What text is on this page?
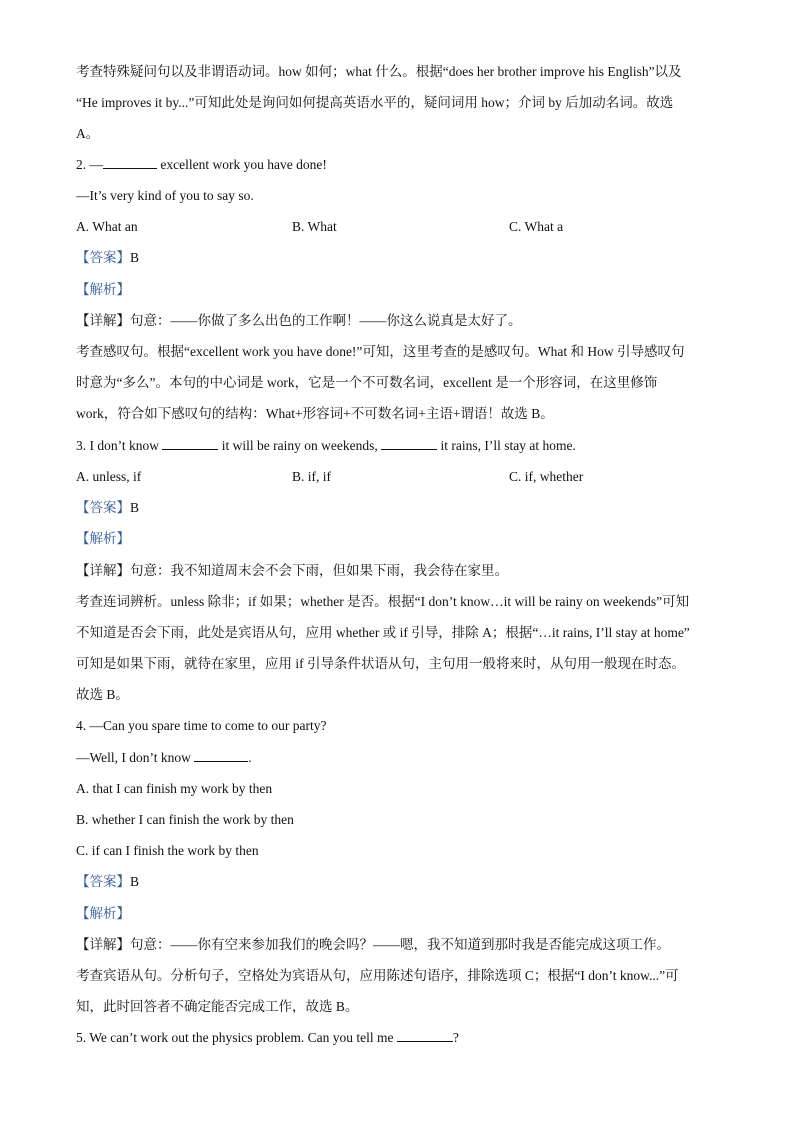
考查特殊疑问句以及非谓语动词。how 如何；what 什么。根据“does her brother improve his English”以及
“He improves it by...”可知此处是询问如何提高英语水平的，疑问词用 how；介词 by 后加动名词。故选
A。
2. —	excellent work you have done!
—It’s very kind of you to say so.
A. What an	B. What	C. What a
【答案】B
【解析】
【详解】句意：——你做了多么出色的工作啊！——你这么说真是太好了。
考查感叹句。根据“excellent work you have done!”可知，这里考查的是感叹句。What 和 How 引导感叹句
时意为“多么”。本句的中心词是 work，它是一个不可数名词，excellent 是一个形容词，在这里修饰
work，符合如下感叹句的结构：What+形容词+不可数名词+主语+谓语！故选 B。
3. I don’t know	it will be rainy on weekends,	it rains, I’ll stay at home.
A. unless, if	B. if, if	C. if, whether
【答案】B
【解析】
【详解】句意：我不知道周末会不会下雨，但如果下雨，我会待在家里。
考查连词辨析。unless 除非；if 如果；whether 是否。根据“I don’t know…it will be rainy on weekends”可知
不知道是否会下雨，此处是宾语从句，应用 whether 或 if 引导，排除 A；根据“…it rains, I’ll stay at home”
可知是如果下雨，就待在家里，应用 if 引导条件状语从句，主句用一般将来时，从句用一般现在时态。
故选 B。
4. —Can you spare time to come to our party?
—Well, I don’t know	.
A. that I can finish my work by then
B. whether I can finish the work by then
C. if can I finish the work by then
【答案】B
【解析】
【详解】句意：——你有空来参加我们的晚会吗？——嗯，我不知道到那时我是否能完成这项工作。
考查宾语从句。分析句子，空格处为宾语从句，应用陈述句语序，排除选项 C；根据“I don’t know...”可
知，此时回答者不确定能否完成工作，故选 B。
5. We can’t work out the physics problem. Can you tell me	?
